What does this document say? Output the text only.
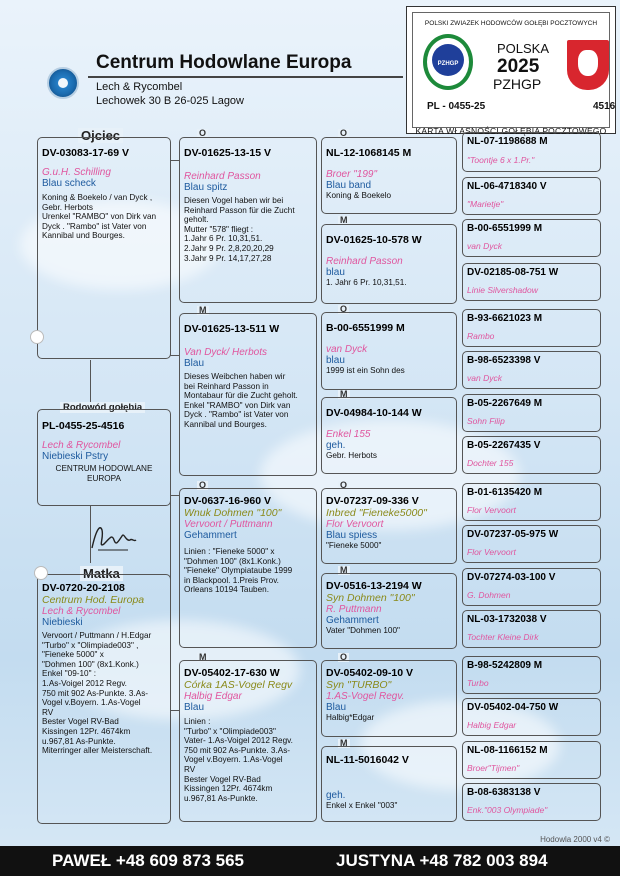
Centrum Hodowlane Europa
Lech & Rycombel
Lechowek 30 B 26-025 Lagow
POLSKI ZWIAZEK HODOWCÓW GOŁĘBI POCZTOWYCH
PZHGP
POLSKA
2025
PZHGP
PL - 0455-25	4516
KARTA WŁASNOŚCI GOŁĘBIA POCZTOWEGO
Ojciec
Matka
Rodowód gołębia
DV-03083-17-69 V
G.u.H. Schilling
Blau scheck
Koning & Boekelo / van Dyck ,
Gebr. Herbots
Urenkel "RAMBO" von Dirk van
Dyck . "Rambo" ist Vater von
Kannibal und Bourges.
PL-0455-25-4516
Lech & Rycombel
Niebieski Pstry
CENTRUM HODOWLANE
EUROPA
DV-0720-20-2108
Centrum Hod. Europa
Lech & Rycombel
Niebieski
Vervoort / Puttmann / H.Edgar
"Turbo" x "Olimpiade003" ,
"Fieneke 5000" x
"Dohmen 100" (8x1.Konk.)
Enkel "09-10" :
1.As-Voigel 2012 Regv.
750 mit 902 As-Punkte. 3.As-
Vogel v.Boyern. 1.As-Vogel
RV
Bester Vogel RV-Bad
Kissingen 12Pr. 4674km
u.967,81 As-Punkte.
Miterringer aller Meisterschaft.
O
DV-01625-13-15 V
Reinhard Passon
Blau spitz
Diesen Vogel haben wir bei
Reinhard Passon für die Zucht
geholt.
Mutter "578" fliegt :
1.Jahr 6 Pr. 10,31,51.
2.Jahr 9 Pr. 2,8,20,20,29
3.Jahr 9 Pr. 14,17,27,28
M
DV-01625-13-511 W
Van Dyck/ Herbots
Blau
Dieses Weibchen haben wir
bei Reinhard Passon in
Montabaur für die Zucht geholt.
Enkel "RAMBO" von Dirk van
Dyck . "Rambo" ist Vater von
Kannibal und Bourges.
O
DV-0637-16-960 V
Wnuk Dohmen "100"
Vervoort / Puttmann
Gehammert
Linien : "Fieneke 5000" x
"Dohmen 100" (8x1.Konk.)
"Fieneke" Olympiataube 1999
in Blackpool. 1.Preis Prov.
Orleans 10194 Tauben.
M
DV-05402-17-630 W
Córka 1AS-Vogel Regv
Halbig Edgar
Blau
Linien :
"Turbo" x "Olimpiade003"
Vater- 1.As-Voigel 2012 Regv.
750 mit 902 As-Punkte. 3.As-
Vogel v.Boyern. 1.As-Vogel
RV
Bester Vogel RV-Bad
Kissingen 12Pr. 4674km
u.967,81 As-Punkte.
O
NL-12-1068145 M
Broer "199"
Blau band
Koning & Boekelo
M
DV-01625-10-578 W
Reinhard Passon
blau
1. Jahr 6 Pr. 10,31,51.
O
B-00-6551999 M
van Dyck
blau
1999 ist ein Sohn des
M
DV-04984-10-144 W
Enkel 155
geh.
Gebr. Herbots
O
DV-07237-09-336 V
Inbred "Fieneke5000"
Flor Vervoort
Blau spiess
"Fieneke 5000"
M
DV-0516-13-2194 W
Syn Dohmen "100"
R. Puttmann
Gehammert
Vater "Dohmen 100"
O
DV-05402-09-10 V
Syn "TURBO"
1.AS-Vogel Regv.
Blau
Halbig*Edgar
M
NL-11-5016042 V
geh.
Enkel x Enkel "003"
NL-07-1198688 M
"Toontje 6 x 1.Pr."
NL-06-4718340 V
"Marietje"
B-00-6551999 M
van Dyck
DV-02185-08-751 W
Linie Silvershadow
B-93-6621023 M
Rambo
B-98-6523398 V
van Dyck
B-05-2267649 M
Sohn Filip
B-05-2267435 V
Dochter 155
B-01-6135420 M
Flor Vervoort
DV-07237-05-975 W
Flor Vervoort
DV-07274-03-100 V
G. Dohmen
NL-03-1732038 V
Tochter Kleine Dirk
B-98-5242809 M
Turbo
DV-05402-04-750 W
Halbig Edgar
NL-08-1166152 M
Broer"Tijmen"
B-08-6383138 V
Enk."003 Olympiade"
Hodowla 2000 v4 ©
PAWEŁ +48 609 873 565	JUSTYNA +48 782 003 894
